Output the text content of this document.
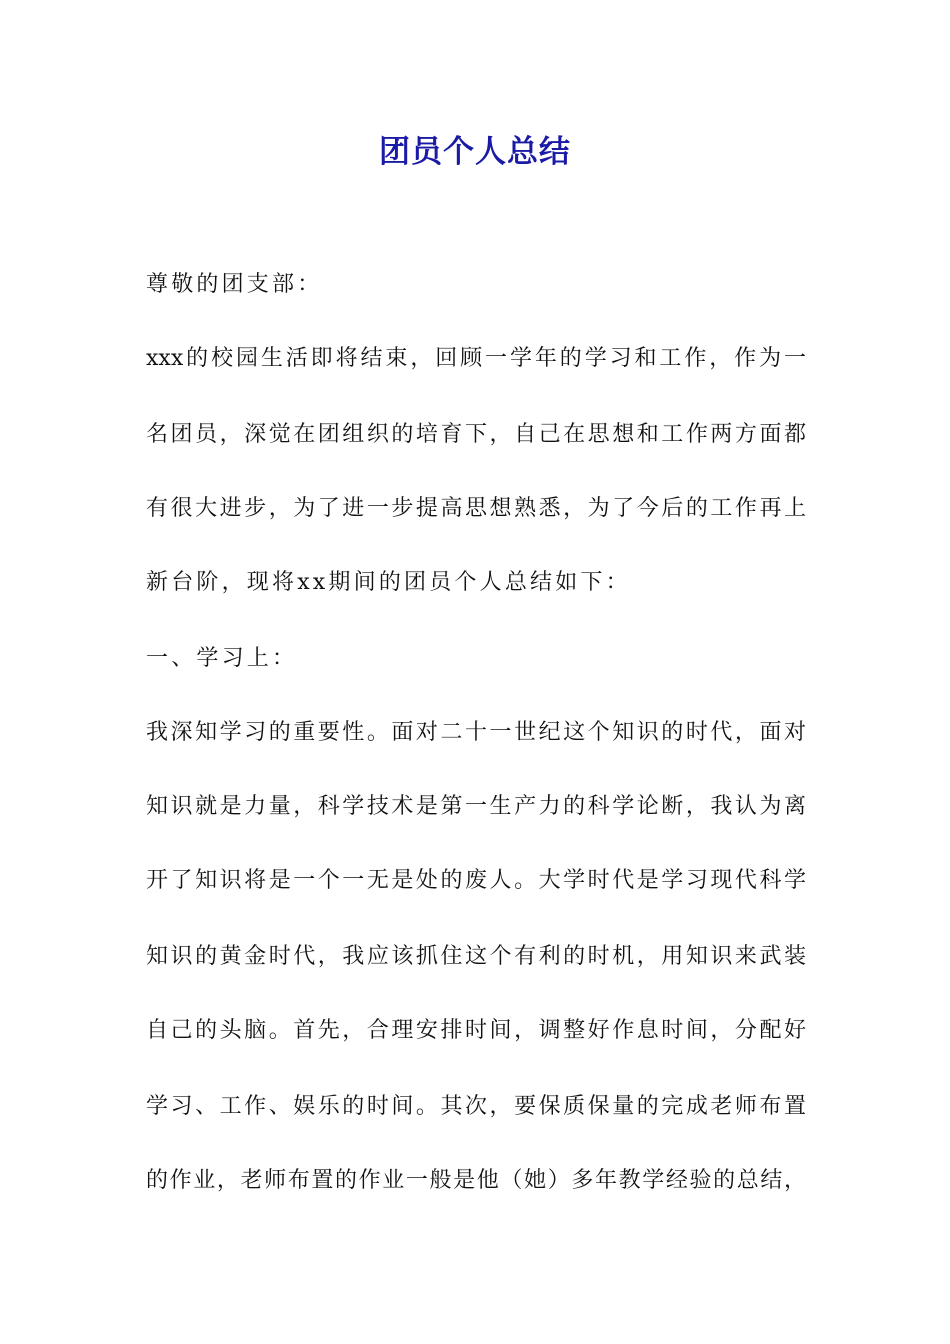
团员个人总结
尊敬的团支部：
xxx的校园生活即将结束，回顾一学年的学习和工作，作为一
名团员，深觉在团组织的培育下，自己在思想和工作两方面都
有很大进步，为了进一步提高思想熟悉，为了今后的工作再上
新台阶，现将xx期间的团员个人总结如下：
一、学习上：
我深知学习的重要性。面对二十一世纪这个知识的时代，面对
知识就是力量，科学技术是第一生产力的科学论断，我认为离
开了知识将是一个一无是处的废人。大学时代是学习现代科学
知识的黄金时代，我应该抓住这个有利的时机，用知识来武装
自己的头脑。首先，合理安排时间，调整好作息时间，分配好
学习、工作、娱乐的时间。其次，要保质保量的完成老师布置
的作业，老师布置的作业一般是他（她）多年教学经验的总结，
